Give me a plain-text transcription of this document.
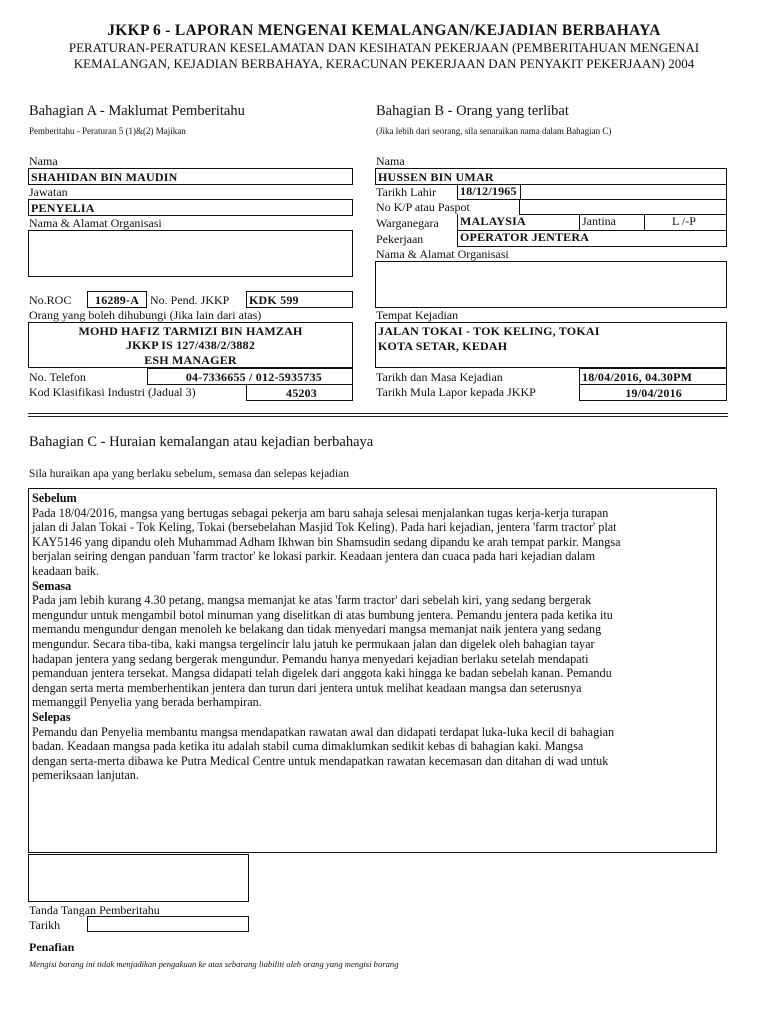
JKKP 6 - LAPORAN MENGENAI KEMALANGAN/KEJADIAN BERBAHAYA
PERATURAN-PERATURAN KESELAMATAN DAN KESIHATAN PEKERJAAN (PEMBERITAHUAN MENGENAI
KEMALANGAN, KEJADIAN BERBAHAYA, KERACUNAN PEKERJAAN DAN PENYAKIT PEKERJAAN) 2004
Bahagian A - Maklumat Pemberitahu
Pemberitahu - Peraturan 5 (1)&(2) Majikan
Nama
SHAHIDAN BIN MAUDIN
Jawatan
PENYELIA
Nama & Alamat Organisasi
No.ROC 16289-A No. Pend. JKKP KDK 599
Orang yang boleh dihubungi (Jika lain dari atas)
MOHD HAFIZ TARMIZI BIN HAMZAH
JKKP IS 127/438/2/3882
ESH MANAGER
No. Telefon	04-7336655 / 012-5935735
Kod Klasifikasi Industri (Jadual 3)	45203
Bahagian B - Orang yang terlibat
(Jika lebih dari seorang, sila senaraikan nama dalam Bahagian C)
Nama
HUSSEN BIN UMAR
Tarikh Lahir 18/12/1965
No K/P atau Paspot
Warganegara MALAYSIA	Jantina	L /-P
Pekerjaan	OPERATOR JENTERA
Nama & Alamat Organisasi
Tempat Kejadian
JALAN TOKAI - TOK KELING, TOKAI
KOTA SETAR, KEDAH
Tarikh dan Masa Kejadian	18/04/2016, 04.30PM
Tarikh Mula Lapor kepada JKKP	19/04/2016
Bahagian C - Huraian kemalangan atau kejadian berbahaya
Sila huraikan apa yang berlaku sebelum, semasa dan selepas kejadian
Sebelum
Pada 18/04/2016, mangsa yang bertugas sebagai pekerja am baru sahaja selesai menjalankan tugas kerja-kerja turapan
jalan di Jalan Tokai - Tok Keling, Tokai (bersebelahan Masjid Tok Keling). Pada hari kejadian, jentera 'farm tractor' plat
KAY5146 yang dipandu oleh Muhammad Adham Ikhwan bin Shamsudin sedang dipandu ke arah tempat parkir. Mangsa
berjalan seiring dengan panduan 'farm tractor' ke lokasi parkir. Keadaan jentera dan cuaca pada hari kejadian dalam
keadaan baik.
Semasa
Pada jam lebih kurang 4.30 petang, mangsa memanjat ke atas 'farm tractor' dari sebelah kiri, yang sedang bergerak
mengundur untuk mengambil botol minuman yang diselitkan di atas bumbung jentera. Pemandu jentera pada ketika itu
memandu mengundur dengan menoleh ke belakang dan tidak menyedari mangsa memanjat naik jentera yang sedang
mengundur. Secara tiba-tiba, kaki mangsa tergelincir lalu jatuh ke permukaan jalan dan digelek oleh bahagian tayar
hadapan jentera yang sedang bergerak mengundur. Pemandu hanya menyedari kejadian berlaku setelah mendapati
pemanduan jentera tersekat. Mangsa didapati telah digelek dari anggota kaki hingga ke badan sebelah kanan. Pemandu
dengan serta merta memberhentikan jentera dan turun dari jentera untuk melihat keadaan mangsa dan seterusnya
memanggil Penyelia yang berada berhampiran.
Selepas
Pemandu dan Penyelia membantu mangsa mendapatkan rawatan awal dan didapati terdapat luka-luka kecil di bahagian
badan. Keadaan mangsa pada ketika itu adalah stabil cuma dimaklumkan sedikit kebas di bahagian kaki. Mangsa
dengan serta-merta dibawa ke Putra Medical Centre untuk mendapatkan rawatan kecemasan dan ditahan di wad untuk
pemeriksaan lanjutan.
Tanda Tangan Pemberitahu
Tarikh
Penafian
Mengisi borang ini tidak menjadikan pengakuan ke atas sebarang liabiliti oleh orang yang mengisi borang
